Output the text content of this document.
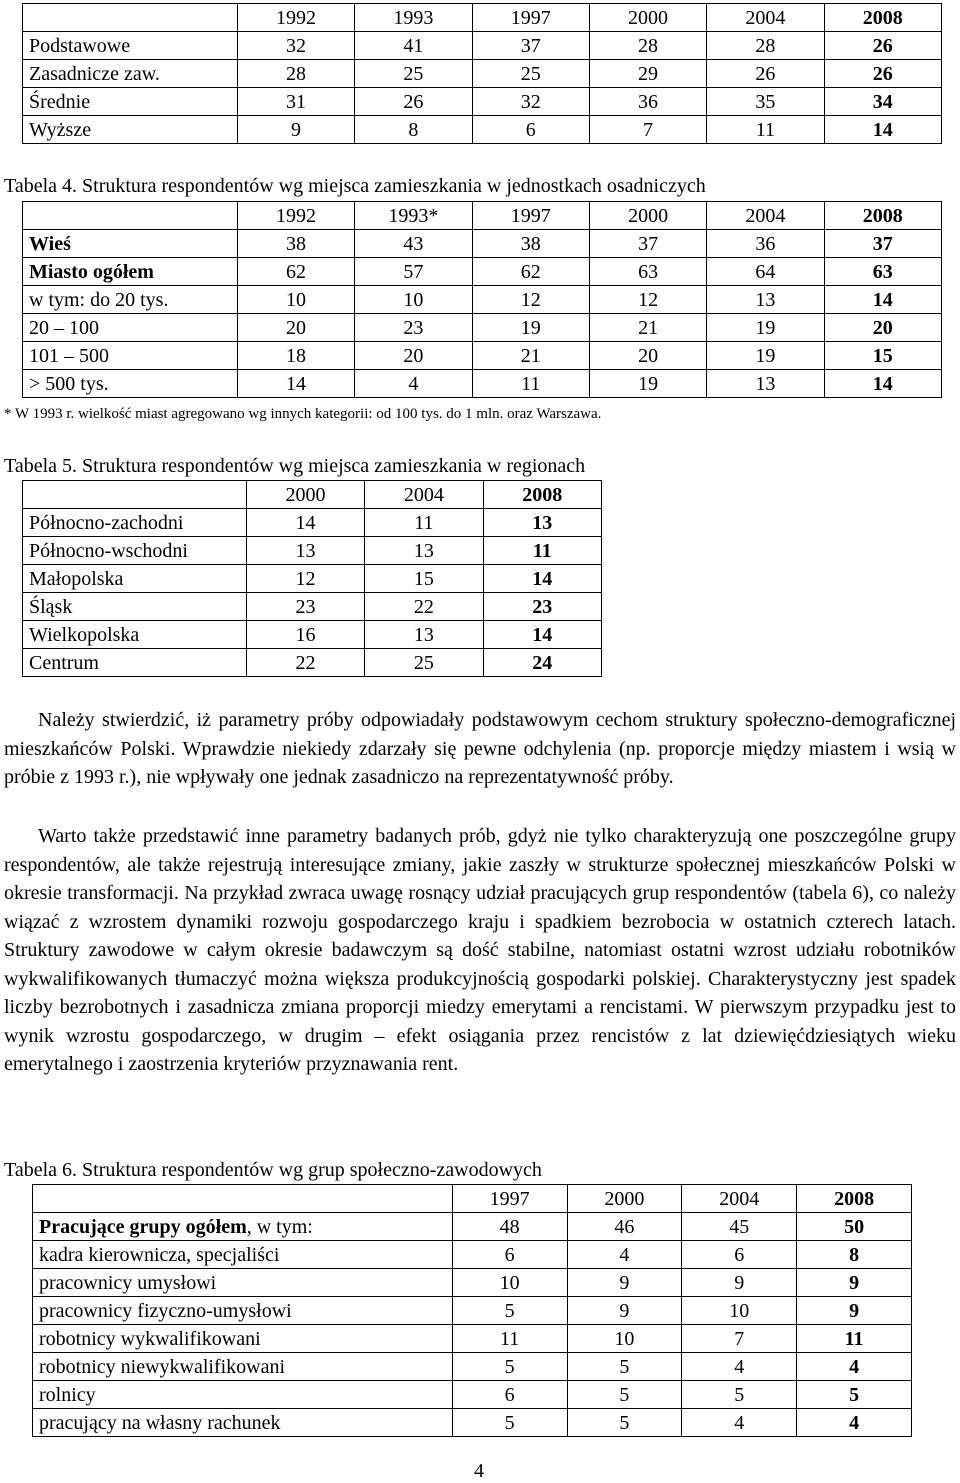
	1992	1993	1997	2000	2004	2008
Podstawowe	32	41	37	28	28	26
Zasadnicze zaw.	28	25	25	29	26	26
Średnie	31	26	32	36	35	34
Wyższe	9	8	6	7	11	14
Tabela 4. Struktura respondentów wg miejsca zamieszkania w jednostkach osadniczych
	1992	1993*	1997	2000	2004	2008
Wieś	38	43	38	37	36	37
Miasto ogółem	62	57	62	63	64	63
w tym: do 20 tys.	10	10	12	12	13	14
20 – 100	20	23	19	21	19	20
101 – 500	18	20	21	20	19	15
> 500 tys.	14	4	11	19	13	14
* W 1993 r. wielkość miast agregowano wg innych kategorii: od 100 tys. do 1 mln. oraz Warszawa.
Tabela 5. Struktura respondentów wg miejsca zamieszkania w regionach
	2000	2004	2008
Północno-zachodni	14	11	13
Północno-wschodni	13	13	11
Małopolska	12	15	14
Śląsk	23	22	23
Wielkopolska	16	13	14
Centrum	22	25	24

Należy stwierdzić, iż parametry próby odpowiadały podstawowym cechom struktury społeczno-demograficznej mieszkańców Polski. Wprawdzie niekiedy zdarzały się pewne odchylenia (np. proporcje między miastem i wsią w próbie z 1993 r.), nie wpływały one jednak zasadniczo na reprezentatywność próby.

Warto także przedstawić inne parametry badanych prób, gdyż nie tylko charakteryzują one poszczególne grupy respondentów, ale także rejestrują interesujące zmiany, jakie zaszły w strukturze społecznej mieszkańców Polski w okresie transformacji. Na przykład zwraca uwagę rosnący udział pracujących grup respondentów (tabela 6), co należy wiązać z wzrostem dynamiki rozwoju gospodarczego kraju i spadkiem bezrobocia w ostatnich czterech latach. Struktury zawodowe w całym okresie badawczym są dość stabilne, natomiast ostatni wzrost udziału robotników wykwalifikowanych tłumaczyć można większa produkcyjnością gospodarki polskiej. Charakterystyczny jest spadek liczby bezrobotnych i zasadnicza zmiana proporcji miedzy emerytami a rencistami. W pierwszym przypadku jest to wynik wzrostu gospodarczego, w drugim – efekt osiągania przez rencistów z lat dziewięćdziesiątych wieku emerytalnego i zaostrzenia kryteriów przyznawania rent.

Tabela 6. Struktura respondentów wg grup społeczno-zawodowych
	1997	2000	2004	2008
Pracujące grupy ogółem, w tym:	48	46	45	50
kadra kierownicza, specjaliści	6	4	6	8
pracownicy umysłowi	10	9	9	9
pracownicy fizyczno-umysłowi	5	9	10	9
robotnicy wykwalifikowani	11	10	7	11
robotnicy niewykwalifikowani	5	5	4	4
rolnicy	6	5	5	5
pracujący na własny rachunek	5	5	4	4
4
